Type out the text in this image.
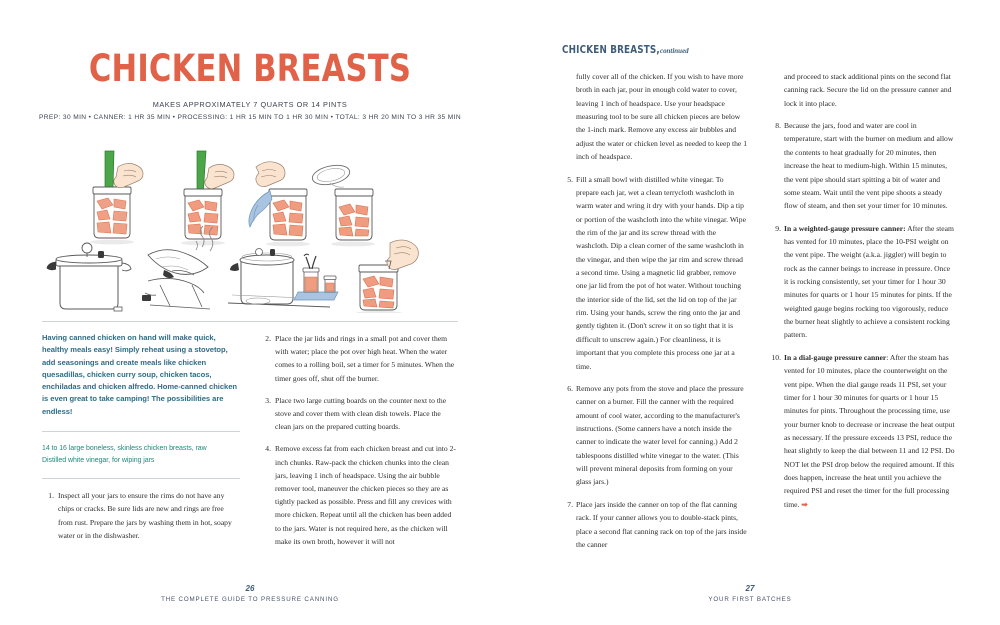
CHICKEN BREASTS
MAKES APPROXIMATELY 7 QUARTS OR 14 PINTS
PREP: 30 MIN • CANNER: 1 HR 35 MIN • PROCESSING: 1 HR 15 MIN TO 1 HR 30 MIN • TOTAL: 3 HR 20 MIN TO 3 HR 35 MIN
Having canned chicken on hand will make quick, healthy meals easy! Simply reheat using a stovetop, add seasonings and create meals like chicken quesadillas, chicken curry soup, chicken tacos, enchiladas and chicken alfredo. Home-canned chicken is even great to take camping! The possibilities are endless!
14 to 16 large boneless, skinless chicken breasts, raw
Distilled white vinegar, for wiping jars
1. Inspect all your jars to ensure the rims do not have any chips or cracks. Be sure lids are new and rings are free from rust. Prepare the jars by washing them in hot, soapy water or in the dishwasher.
2. Place the jar lids and rings in a small pot and cover them with water; place the pot over high heat. When the water comes to a rolling boil, set a timer for 5 minutes. When the timer goes off, shut off the burner.
3. Place two large cutting boards on the counter next to the stove and cover them with clean dish towels. Place the clean jars on the prepared cutting boards.
4. Remove excess fat from each chicken breast and cut into 2-inch chunks. Raw-pack the chicken chunks into the clean jars, leaving 1 inch of headspace. Using the air bubble remover tool, maneuver the chicken pieces so they are as tightly packed as possible. Press and fill any crevices with more chicken. Repeat until all the chicken has been added to the jars. Water is not required here, as the chicken will make its own broth, however it will not
26
THE COMPLETE GUIDE TO PRESSURE CANNING
CHICKEN BREASTS,continued

fully cover all of the chicken. If you wish to have more broth in each jar, pour in enough cold water to cover, leaving 1 inch of headspace. Use your headspace measuring tool to be sure all chicken pieces are below the 1-inch mark. Remove any excess air bubbles and adjust the water or chicken level as needed to keep the 1 inch of headspace.

5. Fill a small bowl with distilled white vinegar. To prepare each jar, wet a clean terrycloth washcloth in warm water and wring it dry with your hands. Dip a tip or portion of the washcloth into the white vinegar. Wipe the rim of the jar and its screw thread with the washcloth. Dip a clean corner of the same washcloth in the vinegar, and then wipe the jar rim and screw thread a second time. Using a magnetic lid grabber, remove one jar lid from the pot of hot water. Without touching the interior side of the lid, set the lid on top of the jar rim. Using your hands, screw the ring onto the jar and gently tighten it. (Don't screw it on so tight that it is difficult to unscrew again.) For cleanliness, it is important that you complete this process one jar at a time.
6. Remove any pots from the stove and place the pressure canner on a burner. Fill the canner with the required amount of cool water, according to the manufacturer's instructions. (Some canners have a notch inside the canner to indicate the water level for canning.) Add 2 tablespoons distilled white vinegar to the water. (This will prevent mineral deposits from forming on your glass jars.)
7. Place jars inside the canner on top of the flat canning rack. If your canner allows you to double-stack pints, place a second flat canning rack on top of the jars inside the canner

and proceed to stack additional pints on the second flat canning rack. Secure the lid on the pressure canner and lock it into place.

8. Because the jars, food and water are cool in temperature, start with the burner on medium and allow the contents to heat gradually for 20 minutes, then increase the heat to medium-high. Within 15 minutes, the vent pipe should start spitting a bit of water and some steam. Wait until the vent pipe shoots a steady flow of steam, and then set your timer for 10 minutes.
9. In a weighted-gauge pressure canner: After the steam has vented for 10 minutes, place the 10-PSI weight on the vent pipe. The weight (a.k.a. jiggler) will begin to rock as the canner beings to increase in pressure. Once it is rocking consistently, set your timer for 1 hour 30 minutes for quarts or 1 hour 15 minutes for pints. If the weighted gauge begins rocking too vigorously, reduce the burner heat slightly to achieve a consistent rocking pattern.
10. In a dial-gauge pressure canner: After the steam has vented for 10 minutes, place the counterweight on the vent pipe. When the dial gauge reads 11 PSI, set your timer for 1 hour 30 minutes for quarts or 1 hour 15 minutes for pints. Throughout the processing time, use your burner knob to decrease or increase the heat output as necessary. If the pressure exceeds 13 PSI, reduce the heat slightly to keep the dial between 11 and 12 PSI. Do NOT let the PSI drop below the required amount. If this does happen, increase the heat until you achieve the required PSI and reset the timer for the full processing time. ➡
27
YOUR FIRST BATCHES
